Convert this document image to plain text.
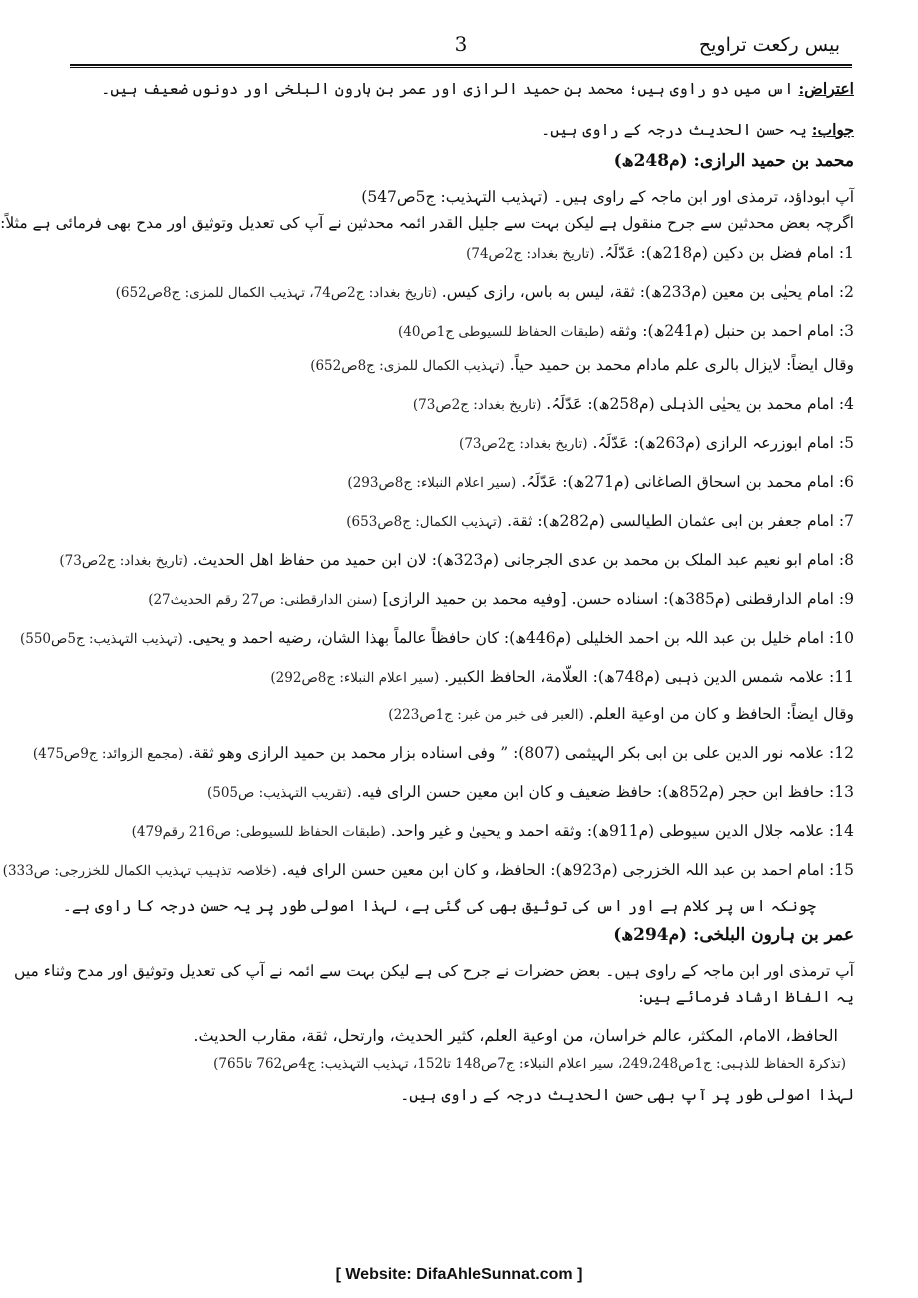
بیس رکعت تراویح
3
اعتراض: اس میں دو راوی ہیں؛ محمد بن حمید الرازی اور عمر بن ہارون البلخی اور دونوں ضعیف ہیں۔
جواب: یہ حسن الحدیث درجہ کے راوی ہیں۔
محمد بن حمید الرازی: (م248ھ)
آپ ابوداؤد، ترمذی اور ابن ماجہ کے راوی ہیں۔ (تہذیب التہذیب: ج5ص547)
اگرچہ بعض محدثین سے جرح منقول ہے لیکن بہت سے جلیل القدر ائمہ محدثین نے آپ کی تعدیل وتوثیق اور مدح بھی فرمائی ہے مثلاً:
1: امام فضل بن دکین (م218ھ): عَدّلَہُ. (تاریخ بغداد: ج2ص74)
2: امام یحیٰی بن معین (م233ھ): ثقة، لیس به باس، رازی کیس. (تاریخ بغداد: ج2ص74، تہذیب الکمال للمزی: ج8ص652)
3: امام احمد بن حنبل (م241ھ): وثقه (طبقات الحفاظ للسیوطی ج1ص40)
وقال ایضاً: لایزال بالری علم مادام محمد بن حمید حیاً. (تہذیب الکمال للمزی: ج8ص652)
4: امام محمد بن یحیٰی الذہلی (م258ھ): عَدّلَہُ. (تاریخ بغداد: ج2ص73)
5: امام ابوزرعہ الرازی (م263ھ): عَدّلَہُ. (تاریخ بغداد: ج2ص73)
6: امام محمد بن اسحاق الصاغانی (م271ھ): عَدّلَہُ. (سیر اعلام النبلاء: ج8ص293)
7: امام جعفر بن ابی عثمان الطیالسی (م282ھ): ثقة. (تہذیب الکمال: ج8ص653)
8: امام ابو نعیم عبد الملک بن محمد بن عدی الجرجانی (م323ھ): لان ابن حمید من حفاظ اهل الحدیث. (تاریخ بغداد: ج2ص73)
9: امام الدارقطنی (م385ھ): اسناده حسن. [وفیه محمد بن حمید الرازی] (سنن الدارقطنی: ص27 رقم الحدیث27)
10: امام خلیل بن عبد اللہ بن احمد الخلیلی (م446ھ): کان حافظاً عالماً بهذا الشان، رضیه احمد و یحیی. (تہذیب التہذیب: ج5ص550)
11: علامہ شمس الدین ذہبی (م748ھ): العلّامة، الحافظ الکبیر. (سیر اعلام النبلاء: ج8ص292)
وقال ایضاً: الحافظ و کان من اوعیة العلم. (العبر فی خبر من غبر: ج1ص223)
12: علامہ نور الدین علی بن ابی بکر الہیثمی (807): ” وفی اسناده بزار محمد بن حمید الرازی وهو ثقة. (مجمع الزوائد: ج9ص475)
13: حافظ ابن حجر (م852ھ): حافظ ضعیف و کان ابن معین حسن الرای فیه. (تقریب التہذیب: ص505)
14: علامہ جلال الدین سیوطی (م911ھ): وثقه احمد و یحییٰ و غیر واحد. (طبقات الحفاظ للسیوطی: ص216 رقم479)
15: امام احمد بن عبد اللہ الخزرجی (م923ھ): الحافظ، و کان ابن معین حسن الرای فیه. (خلاصہ تذہیب تہذیب الکمال للخزرجی: ص333)
چونکہ اس پر کلام ہے اور اس کی توثیق بھی کی گئی ہے، لہذا اصولی طور پر یہ حسن درجہ کا راوی ہے۔
عمر بن ہارون البلخی: (م294ھ)
آپ ترمذی اور ابن ماجہ کے راوی ہیں۔ بعض حضرات نے جرح کی ہے لیکن بہت سے ائمہ نے آپ کی تعدیل وتوثیق اور مدح وثناء میں
یہ الفاظ ارشاد فرمائے ہیں:
الحافظ، الامام، المکثر، عالم خراسان، من اوعیة العلم، کثیر الحدیث، وارتحل، ثقة، مقارب الحدیث.
(تذکرۃ الحفاظ للذہبی: ج1ص249،248، سیر اعلام النبلاء: ج7ص148 تا152، تہذیب التہذیب: ج4ص762 تا765)
لہذا اصولی طور پر آپ بھی حسن الحدیث درجہ کے راوی ہیں۔
[ Website: DifaAhleSunnat.com ]
